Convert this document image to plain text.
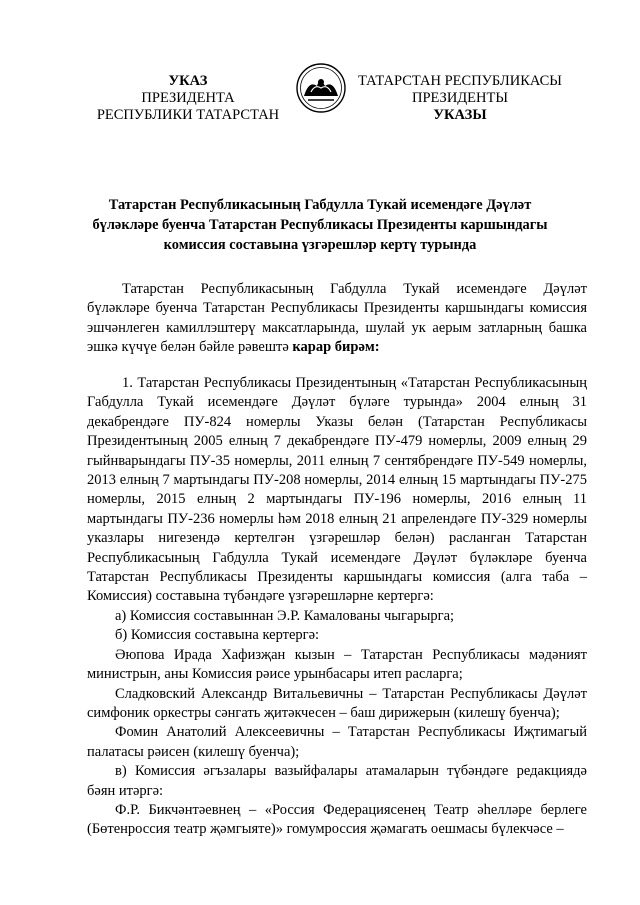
УКАЗ
ПРЕЗИДЕНТА
РЕСПУБЛИКИ ТАТАРСТАН
ТАТАРСТАН РЕСПУБЛИКАСЫ
ПРЕЗИДЕНТЫ
УКАЗЫ
Татарстан Республикасының Габдулла Тукай исемендәге Дәүләт
бүләкләре буенча Татарстан Республикасы Президенты каршындагы
комиссия составына үзгәрешләр кертү турында

Татарстан Республикасының Габдулла Тукай исемендәге Дәүләт бүләкләре буенча Татарстан Республикасы Президенты каршындагы комиссия эшчәнлеген камиллэштерү максатларында, шулай ук аерым затларның башка эшкә күчүе белән бәйле рәвештә карар бирәм:

1. Татарстан Республикасы Президентының «Татарстан Республикасының Габдулла Тукай исемендәге Дәүләт бүләге турында» 2004 елның 31 декабрендәге ПУ-824 номерлы Указы белән (Татарстан Республикасы Президентының 2005 елның 7 декабрендәге ПУ-479 номерлы, 2009 елның 29 гыйнварындагы ПУ-35 номерлы, 2011 елның 7 сентябрендәге ПУ-549 номерлы, 2013 елның 7 мартындагы ПУ-208 номерлы, 2014 елның 15 мартындагы ПУ-275 номерлы, 2015 елның 2 мартындагы ПУ-196 номерлы, 2016 елның 11 мартындагы ПУ-236 номерлы һәм 2018 елның 21 апрелендәге ПУ-329 номерлы указлары нигезендә кертелгән үзгәрешләр белән) расланган Татарстан Республикасының Габдулла Тукай исемендәге Дәүләт бүләкләре буенча Татарстан Республикасы Президенты каршындагы комиссия (алга таба – Комиссия) составына түбәндәге үзгәрешләрне кертергә:

а) Комиссия составыннан Э.Р. Камалованы чыгарырга;

б) Комиссия составына кертергә:

Әюпова Ирада Хафизҗан кызын – Татарстан Республикасы мәдәният министрын, аны Комиссия рәисе урынбасары итеп расларга;

Сладковский Александр Витальевичны – Татарстан Республикасы Дәүләт симфоник оркестры сәнгать җитәкчесен – баш дирижерын (килешү буенча);

Фомин Анатолий Алексеевичны – Татарстан Республикасы Иҗтимагый палатасы рәисен (килешү буенча);

в) Комиссия әгъзалары вазыйфалары атамаларын түбәндәге редакциядә бәян итәргә:

Ф.Р. Бикчәнтәевнең – «Россия Федерациясенең Театр әһелләре берлеге (Бөтенроссия театр җәмгыяте)» гомумроссия җәмагать оешмасы бүлекчәсе –
